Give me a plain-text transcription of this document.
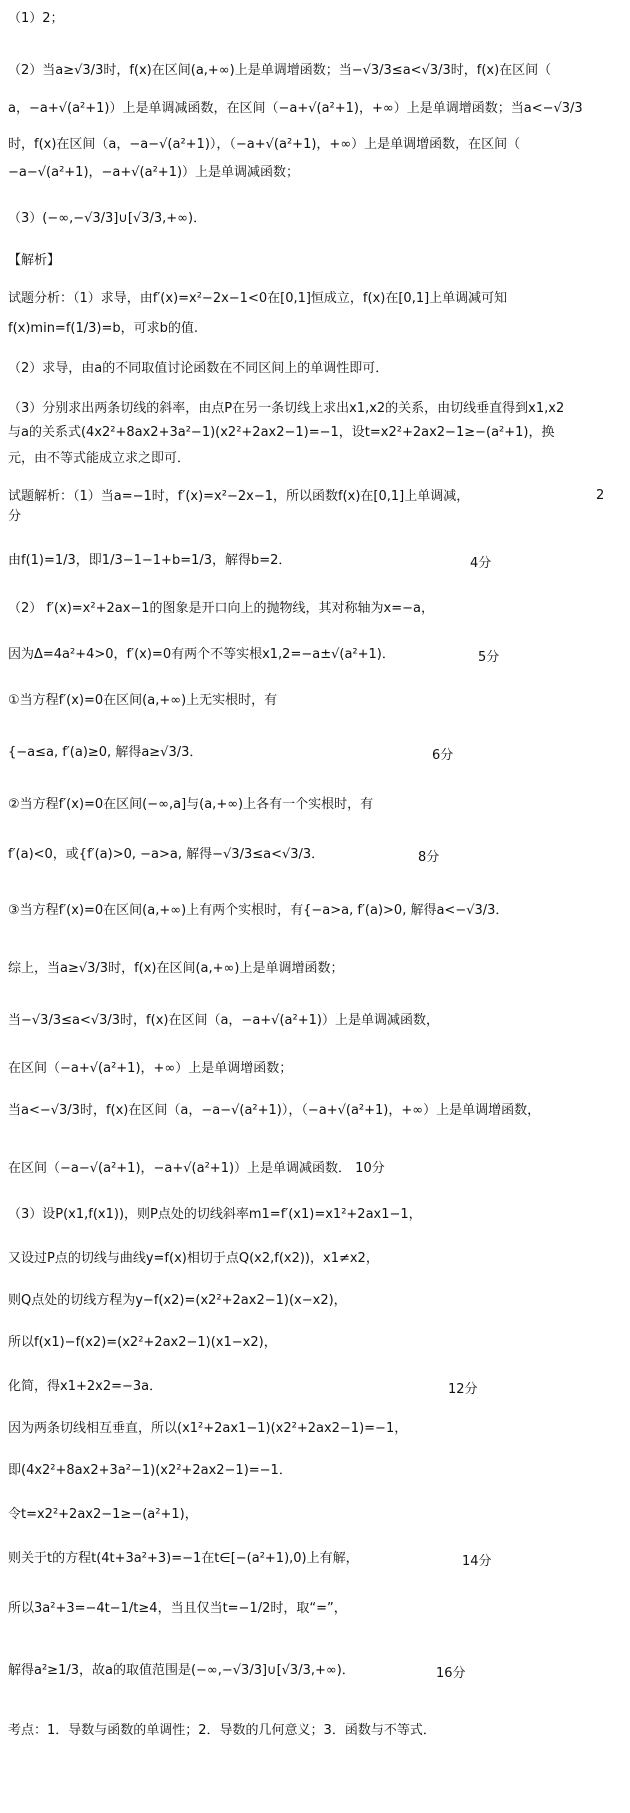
（1）2；
（2）当a≥√3/3时，f(x)在区间(a,+∞)上是单调增函数；当−√3/3≤a<√3/3时，f(x)在区间（
a，−a+√(a²+1)）上是单调减函数，在区间（−a+√(a²+1)，+∞）上是单调增函数；当a<−√3/3
时，f(x)在区间（a，−a−√(a²+1)），（−a+√(a²+1)，+∞）上是单调增函数，在区间（
−a−√(a²+1)，−a+√(a²+1)）上是单调减函数；
（3）(−∞,−√3/3]∪[√3/3,+∞)．
【解析】
试题分析：（1）求导，由f′(x)=x²−2x−1<0在[0,1]恒成立，f(x)在[0,1]上单调减可知
f(x)min=f(1/3)=b，可求b的值.
（2）求导，由a的不同取值讨论函数在不同区间上的单调性即可．
（3）分别求出两条切线的斜率，由点P在另一条切线上求出x1,x2的关系，由切线垂直得到x1,x2
与a的关系式(4x2²+8ax2+3a²−1)(x2²+2ax2−1)=−1，设t=x2²+2ax2−1≥−(a²+1)，换
元，由不等式能成立求之即可．
试题解析：（1）当a=−1时，f′(x)=x²−2x−1，所以函数f(x)在[0,1]上单调减，
分
由f(1)=1/3，即1/3−1−1+b=1/3，解得b=2．
（2） f′(x)=x²+2ax−1的图象是开口向上的抛物线，其对称轴为x=−a，
因为Δ=4a²+4>0，f′(x)=0有两个不等实根x1,2=−a±√(a²+1)．
①当方程f′(x)=0在区间(a,+∞)上无实根时，有
{−a≤a, f′(a)≥0, 解得a≥√3/3．
②当方程f′(x)=0在区间(−∞,a]与(a,+∞)上各有一个实根时，有
f′(a)<0，或{f′(a)>0, −a>a, 解得−√3/3≤a<√3/3．
③当方程f′(x)=0在区间(a,+∞)上有两个实根时，有{−a>a, f′(a)>0, 解得a<−√3/3．
综上，当a≥√3/3时，f(x)在区间(a,+∞)上是单调增函数；
当−√3/3≤a<√3/3时，f(x)在区间（a，−a+√(a²+1)）上是单调减函数，
在区间（−a+√(a²+1)，+∞）上是单调增函数；
当a<−√3/3时，f(x)在区间（a，−a−√(a²+1)），（−a+√(a²+1)，+∞）上是单调增函数，
在区间（−a−√(a²+1)，−a+√(a²+1)）上是单调减函数． 10分
（3）设P(x1,f(x1))，则P点处的切线斜率m1=f′(x1)=x1²+2ax1−1，
又设过P点的切线与曲线y=f(x)相切于点Q(x2,f(x2))，x1≠x2，
则Q点处的切线方程为y−f(x2)=(x2²+2ax2−1)(x−x2)，
所以f(x1)−f(x2)=(x2²+2ax2−1)(x1−x2)，
化简，得x1+2x2=−3a．
因为两条切线相互垂直，所以(x1²+2ax1−1)(x2²+2ax2−1)=−1，
即(4x2²+8ax2+3a²−1)(x2²+2ax2−1)=−1．
令t=x2²+2ax2−1≥−(a²+1)，
则关于t的方程t(4t+3a²+3)=−1在t∈[−(a²+1),0)上有解，
所以3a²+3=−4t−1/t≥4，当且仅当t=−1/2时，取“=”，
解得a²≥1/3，故a的取值范围是(−∞,−√3/3]∪[√3/3,+∞)．
考点：1．导数与函数的单调性；2．导数的几何意义；3．函数与不等式．
2
4分
5分
6分
8分
12分
14分
16分
